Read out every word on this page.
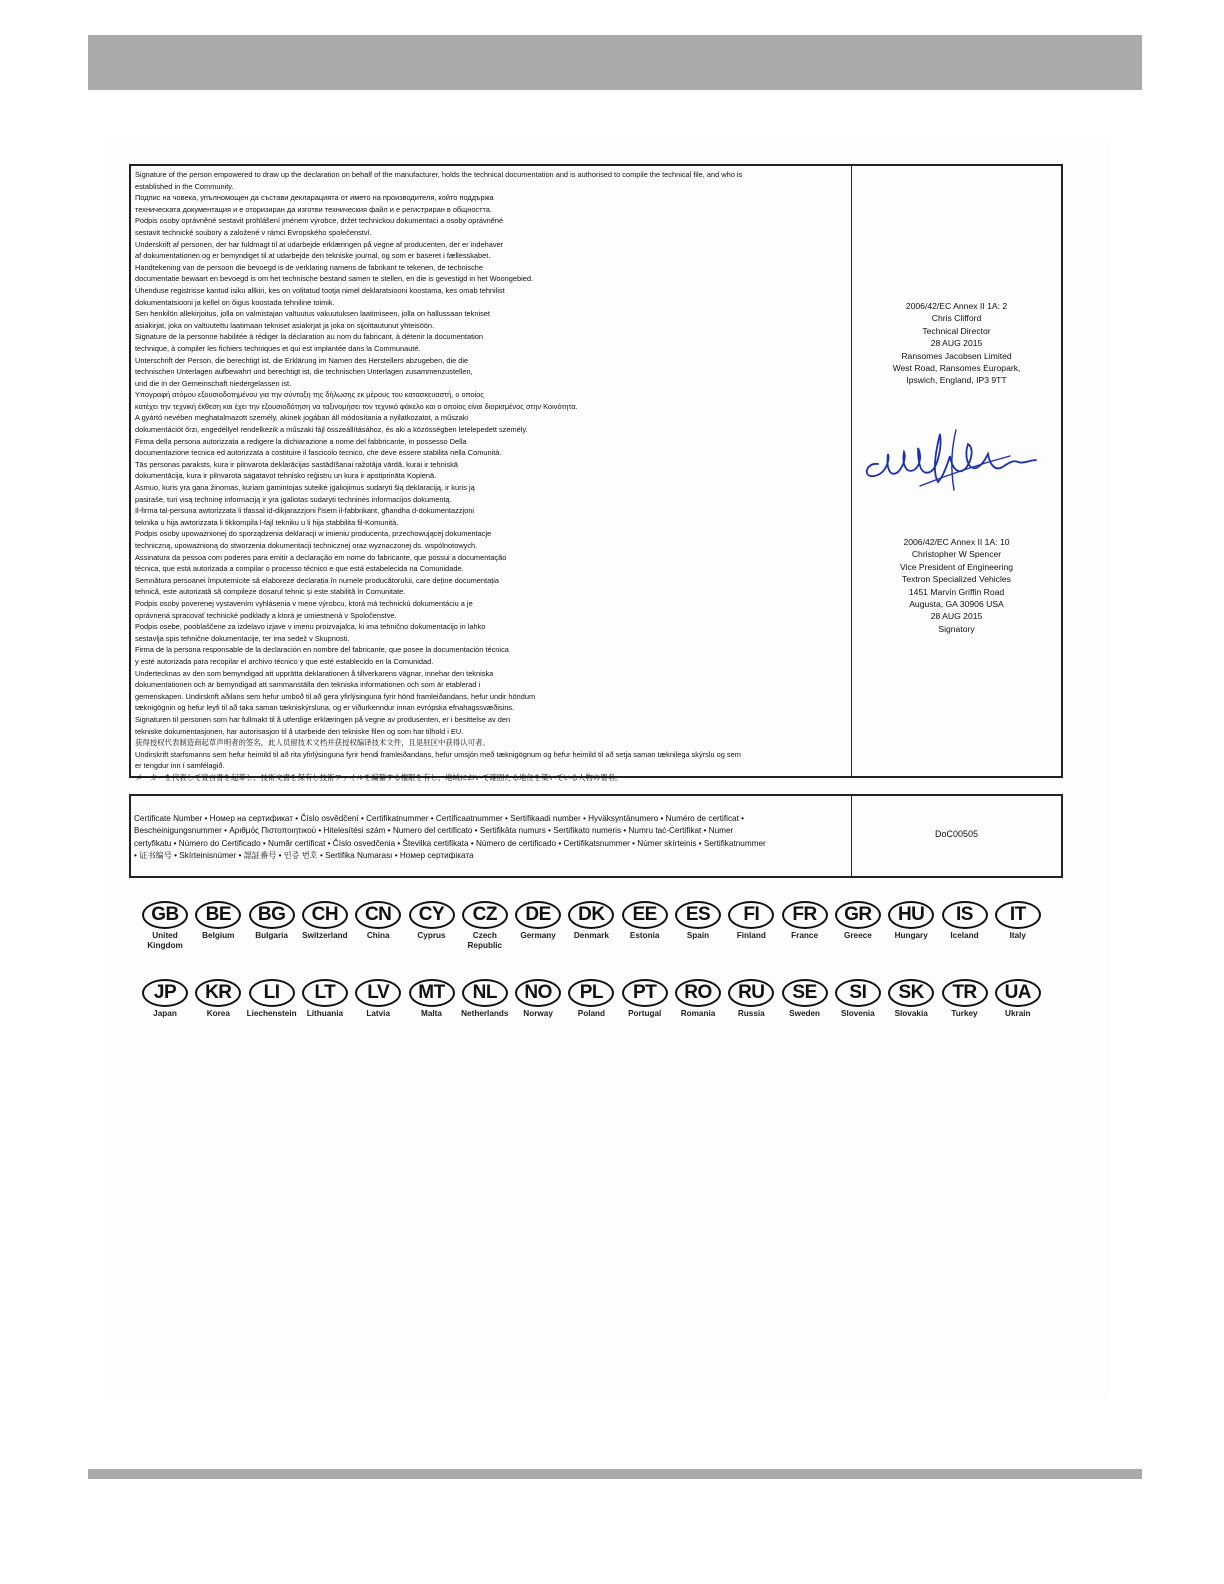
Signature of the person empowered to draw up the declaration on behalf of the manufacturer, holds the technical documentation and is authorised to compile the technical file, and who is
established in the Community.
Подпис на човека, упълномощен да състави декларацията от името на производителя, който поддържа
техническата документация и е оторизиран да изготви техническия файл и е регистриран в общността.
Podpis osoby oprávněné sestavit prohlášení jménem výrobce, držet technickou dokumentaci a osoby oprávněné
sestavit technické soubory a založené v rámci Evropského společenství.
Underskrift af personen, der har fuldmagt til at udarbejde erklæringen på vegne af producenten, der er indehaver
af dokumentationen og er bemyndiget til at udarbejde den tekniske journal, og som er baseret i fællesskabet.
Handtekening van de persoon die bevoegd is de verklaring namens de fabrikant te tekenen, de technische
documentatie bewaart en bevoegd is om het technische bestand samen te stellen, en die is gevestigd in het Woongebied.
Ühenduse registrisse kantud isiku allkiri, kes on volitatud tootja nimel deklaratsiooni koostama, kes omab tehnilist
dokumentatsiooni ja kellel on õigus koostada tehniline toimik.
Sen henkilön allekirjoitus, jolla on valmistajan valtuutus vakuutuksen laatimiseen, jolla on hallussaan tekniset
asiakirjat, joka on valtuutettu laatimaan tekniset asiakirjat ja joka on sijoittautunut yhteisöön.
Signature de la personne habilitée à rédiger la déclaration au nom du fabricant, à détenir la documentation
technique, à compiler les fichiers techniques et qui est implantée dans la Communauté.
Unterschrift der Person, die berechtigt ist, die Erklärung im Namen des Herstellers abzugeben, die die
technischen Unterlagen aufbewahrt und berechtigt ist, die technischen Unterlagen zusammenzustellen,
und die in der Gemeinschaft niedergelassen ist.
Υπογραφή ατόμου εξουσιοδοτημένου για την σύνταξη της δήλωσης εκ μέρους του κατασκευαστή, ο οποίος
κατέχει την τεχνική έκθεση και έχει την εξουσιοδότηση να ταξινομήσει τον τεχνικό φάκελο και ο οποίος είναι διορισμένος στην Κοινότητα.
A gyártó nevében meghatalmazott személy, akinek jogában áll módosítania a nyilatkozatot, a műszaki
dokumentációt őrzi, engedéllyel rendelkezik a műszaki fájl összeállításához, és aki a közösségben letelepedett személy.
Firma della persona autorizzata a redigere la dichiarazione a nome del fabbricante, in possesso Della
documentazione tecnica ed autorizzata a costituire il fascicolo tecnico, che deve essere stabilita nella Comunità.
Tās personas paraksts, kura ir pilnvarota deklarācijas sastādīšanai ražotāja vārdā, kurai ir tehniskā
dokumentācija, kura ir pilnvarota sagatavot tehnisko reģistru un kura ir apstiprināta Kopienā.
Asmuo, kuris yra gana žinomas, kuriam gamintojas suteikė įgaliojimus sudaryti šią deklaraciją, ir kuris ją
pasirašė, turi visą techninę informaciją ir yra įgaliotas sudaryti techninės informacijos dokumentą.
Il-firma tal-persuna awtorizzata li tfassal id-dikjarazzjoni f'isem il-fabbrikant, għandha d-dokumentazzjoni
teknika u hija awtorizzata li tikkompila l-fajl tekniku u li hija stabbilita fil-Komunità.
Podpis osoby upoważnionej do sporządzenia deklaracji w imieniu producenta, przechowującej dokumentacje
techniczną, upoważnioną do stworzenia dokumentacji technicznej oraz wyznaczonej ds. wspólnotowych.
Assinatura da pessoa com poderes para emitir a declaração em nome do fabricante, que possui a documentação
técnica, que está autorizada a compilar o processo técnico e que está estabelecida na Comunidade.
Semnătura persoanei împuternicite să elaboreze declarația în numele producătorului, care deține documentația
tehnică, este autorizată să compileze dosarul tehnic și este stabilită în Comunitate.
Podpis osoby poverenej vystavením vyhlásenia v mene výrobcu, ktorá má technickú dokumentáciu a je
oprávnená spracovať technické podklady a ktorá je umiestnená v Spoločenstve.
Podpis osebe, pooblaščene za izdelavo izjave v imenu proizvajalca, ki ima tehnično dokumentacijo in lahko
sestavlja spis tehnične dokumentacije, ter ima sedež v Skupnosti.
Firma de la persona responsable de la declaración en nombre del fabricante, que posee la documentación técnica
y esté autorizada para recopilar el archivo técnico y que esté establecido en la Comunidad.
Undertecknas av den som bemyndigad att upprätta deklarationen å tillverkarens vägnar, innehar den tekniska
dokumentationen och är bemyndigad att sammanställa den tekniska informationen och som är etablerad i
gemenskapen. Undirskrift aðilans sem hefur umboð til að gera yfirlýsinguna fyrir hönd framleiðandans, hefur undir höndum
tæknigögnin og hefur leyfi til að taka saman tækniskýrsluna, og er viðurkenndur innan evrópska efnahagssvæðisins.
Signaturen til personen som har fullmakt til å utferdige erklæringen på vegne av produsenten, er i besittelse av den
tekniske dokumentasjonen, har autorisasjon til å utarbeide den tekniske filen og som har tilhold i EU.
获得授权代表制造商起草声明者的签名，此人员留技术文档并获授权编译技术文件，且是驻区中获得认可者。
Undirskrift starfsmanns sem hefur heimild til að rita yfirlýsinguna fyrir hendi framleiðandans, hefur umsjón með tæknigögnum og hefur heimild til að setja saman tæknilega skýrslu og sem
er tengdur inn í samfélagið.
メーカーを代表して宣言書を起草し、技術文書を保有し技術ファイルを編纂する権限を有し、地域において確固たる地位を築いている人物の署名。
2006/42/EC Annex II 1A: 2
Chris Clifford
Technical Director
28 AUG 2015
Ransomes Jacobsen Limited
West Road, Ransomes Europark,
Ipswich, England, IP3 9TT
2006/42/EC Annex II 1A: 10
Christopher W Spencer
Vice President of Engineering
Textron Specialized Vehicles
1451 Marvin Griffin Road
Augusta, GA 30906 USA
28 AUG 2015
Signatory
Certificate Number • Номер на сертификат • Číslo osvědčení • Certifikatnummer • Certificaatnummer • Sertifikaadi number • Hyväksyntänumero • Numéro de certificat •
Bescheinigungsnummer • Αριθμός Πιστοποιητικού • Hitelesítési szám • Numero del certificato • Sertifikāta numurs • Sertifikato numeris • Numru taċ-Ċertifikat • Numer
certyfikatu • Número do Certificado • Număr certificat • Číslo osvedčenia • Številka certifikata • Número de certificado • Certifikatsnummer • Númer skírteinis • Sertifikatnummer
• 证书编号 • Skírteinisnúmer • 認証番号 • 인증 번호 • Sertifika Numarası • Номер сертифіката
DoC00505
GB
United Kingdom
BE
Belgium
BG
Bulgaria
CH
Switzerland
CN
China
CY
Cyprus
CZ
Czech Republic
DE
Germany
DK
Denmark
EE
Estonia
ES
Spain
FI
Finland
FR
France
GR
Greece
HU
Hungary
IS
Iceland
IT
Italy
JP
Japan
KR
Korea
LI
Liechenstein
LT
Lithuania
LV
Latvia
MT
Malta
NL
Netherlands
NO
Norway
PL
Poland
PT
Portugal
RO
Romania
RU
Russia
SE
Sweden
SI
Slovenia
SK
Slovakia
TR
Turkey
UA
Ukrain
